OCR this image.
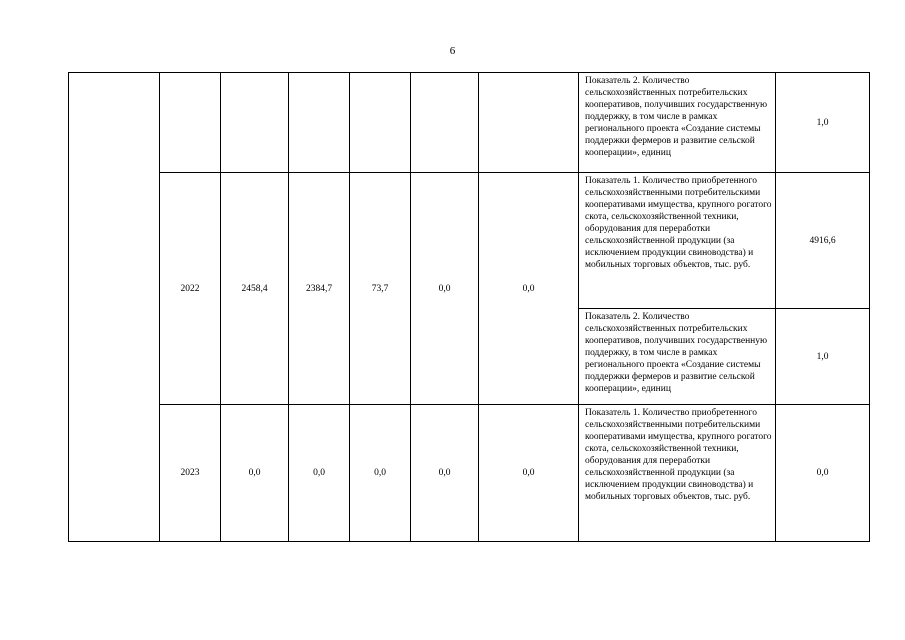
6
							Показатель 2. Количество сельскохозяйственных потребительских кооперативов, получивших государственную поддержку, в том числе в рамках регионального проекта «Создание системы поддержки фермеров и развитие сельской кооперации», единиц	1,0
	2022	2458,4	2384,7	73,7	0,0	0,0	Показатель 1. Количество приобретенного сельскохозяйственными потребительскими кооперативами имущества, крупного рогатого скота, сельскохозяйственной техники, оборудования для переработки сельскохозяйственной продукции (за исключением продукции свиноводства) и мобильных торговых объектов, тыс. руб.	4916,6
							Показатель 2. Количество сельскохозяйственных потребительских кооперативов, получивших государственную поддержку, в том числе в рамках регионального проекта «Создание системы поддержки фермеров и развитие сельской кооперации», единиц	1,0
	2023	0,0	0,0	0,0	0,0	0,0	Показатель 1. Количество приобретенного сельскохозяйственными потребительскими кооперативами имущества, крупного рогатого скота, сельскохозяйственной техники, оборудования для переработки сельскохозяйственной продукции (за исключением продукции свиноводства) и мобильных торговых объектов, тыс. руб.	0,0
